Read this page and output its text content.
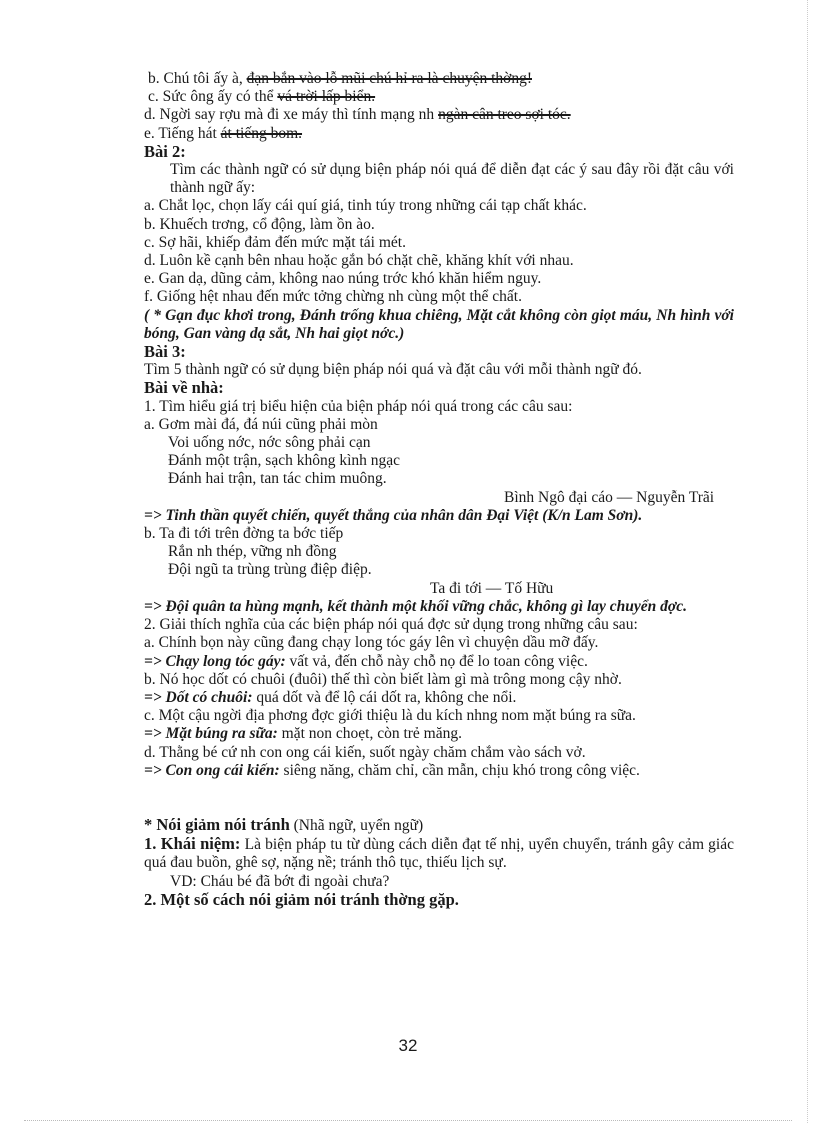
b. Chú tôi ấy à, đạn bắn vào lỗ mũi chú hỉ ra là chuyện thờng!
c. Sức ông ấy có thể vá trời lấp biển.
d. Ngời say rợu mà đi xe máy thì tính mạng nh ngàn cân treo sợi tóc.
e. Tiếng hát át tiếng bom.
Bài 2:
Tìm các thành ngữ có sử dụng biện pháp nói quá để diễn đạt các ý sau đây rồi đặt câu với thành ngữ ấy:
a. Chắt lọc, chọn lấy cái quí giá, tinh túy trong những cái tạp chất khác.
b. Khuếch trơng, cổ động, làm ồn ào.
c. Sợ hãi, khiếp đảm đến mức mặt tái mét.
d. Luôn kề cạnh bên nhau hoặc gắn bó chặt chẽ, khăng khít với nhau.
e. Gan dạ, dũng cảm, không nao núng trớc khó khăn hiểm nguy.
f. Giống hệt nhau đến mức tởng chừng nh cùng một thể chất.
( * Gạn đục khơi trong, Đánh trống khua chiêng, Mặt cắt không còn giọt máu, Nh hình với bóng, Gan vàng dạ sắt, Nh hai giọt nớc.)
Bài 3:
Tìm 5 thành ngữ có sử dụng biện pháp nói quá và đặt câu với mỗi thành ngữ đó.
Bài về nhà:
1. Tìm hiểu giá trị biểu hiện của biện pháp nói quá trong các câu sau:
a. Gơm mài đá, đá núi cũng phải mòn
Voi uống nớc, nớc sông phải cạn
Đánh một trận, sạch không kình ngạc
Đánh hai trận, tan tác chim muông.
Bình Ngô đại cáo — Nguyễn Trãi
=> Tinh thần quyết chiến, quyết thắng của nhân dân Đại Việt (K/n Lam Sơn).
b. Ta đi tới trên đờng ta bớc tiếp
Rắn nh thép, vững nh đồng
Đội ngũ ta trùng trùng điệp điệp.
Ta đi tới — Tố Hữu
=> Đội quân ta hùng mạnh, kết thành một khối vững chắc, không gì lay chuyển đợc.
2. Giải thích nghĩa của các biện pháp nói quá đợc sử dụng trong những câu sau:
a. Chính bọn này cũng đang chạy long tóc gáy lên vì chuyện dầu mỡ đấy.
=> Chạy long tóc gáy: vất vả, đến chỗ này chỗ nọ để lo toan công việc.
b. Nó học dốt có chuôi (đuôi) thế thì còn biết làm gì mà trông mong cậy nhờ.
=> Dốt có chuôi: quá dốt và để lộ cái dốt ra, không che nổi.
c. Một cậu ngời địa phơng đợc giới thiệu là du kích nhng nom mặt búng ra sữa.
=> Mặt búng ra sữa: mặt non choẹt, còn trẻ măng.
d. Thằng bé cứ nh con ong cái kiến, suốt ngày chăm chắm vào sách vở.
=> Con ong cái kiến: siêng năng, chăm chỉ, cần mẫn, chịu khó trong công việc.
* Nói giảm nói tránh (Nhã ngữ, uyển ngữ)
1. Khái niệm: Là biện pháp tu từ dùng cách diễn đạt tế nhị, uyển chuyển, tránh gây cảm giác quá đau buồn, ghê sợ, nặng nề; tránh thô tục, thiếu lịch sự.
VD: Cháu bé đã bớt đi ngoài chưa?
2. Một số cách nói giảm nói tránh thờng gặp.
32
